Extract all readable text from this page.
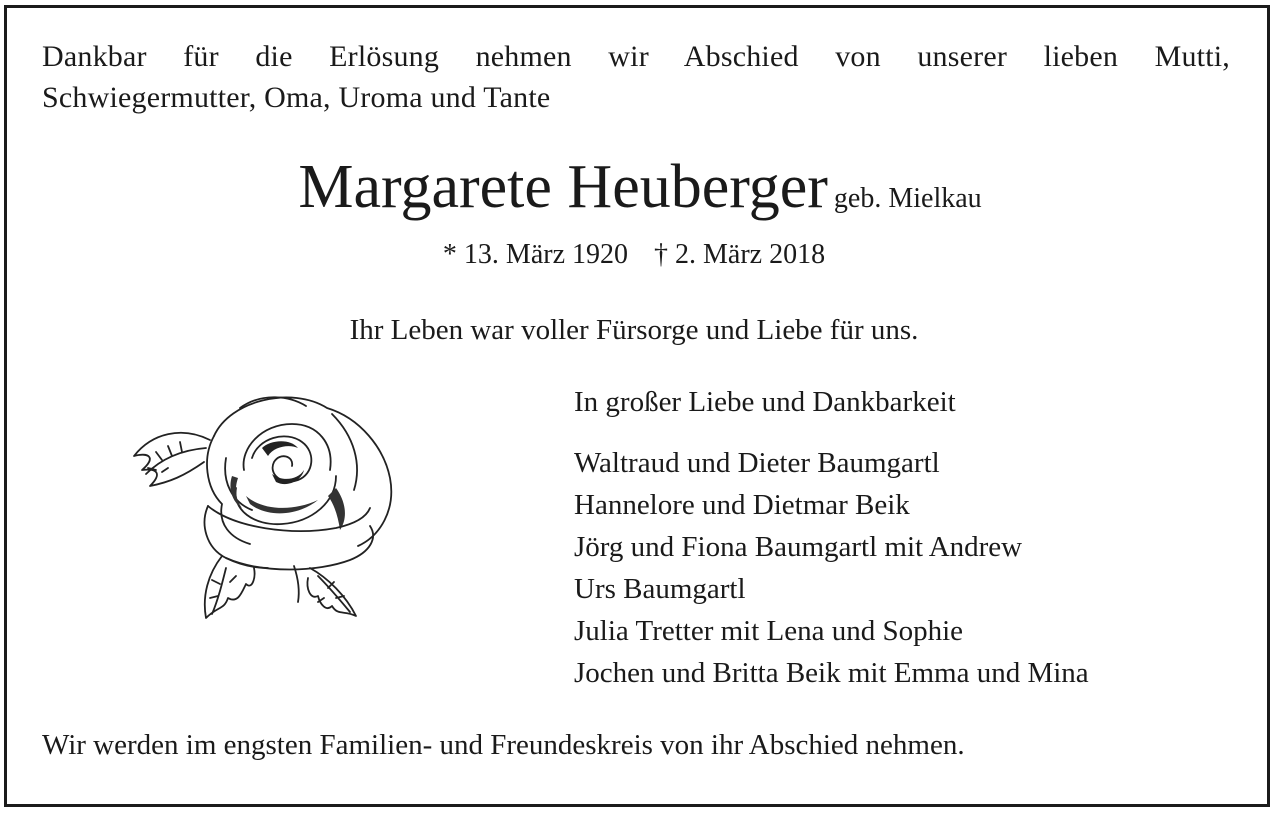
Dankbar für die Erlösung nehmen wir Abschied von unserer lieben Mutti,
Schwiegermutter, Oma, Uroma und Tante
Margarete Heuberger geb. Mielkau
* 13. März 1920 † 2. März 2018
Ihr Leben war voller Fürsorge und Liebe für uns.
In großer Liebe und Dankbarkeit
Waltraud und Dieter Baumgartl
Hannelore und Dietmar Beik
Jörg und Fiona Baumgartl mit Andrew
Urs Baumgartl
Julia Tretter mit Lena und Sophie
Jochen und Britta Beik mit Emma und Mina
Wir werden im engsten Familien- und Freundeskreis von ihr Abschied nehmen.
